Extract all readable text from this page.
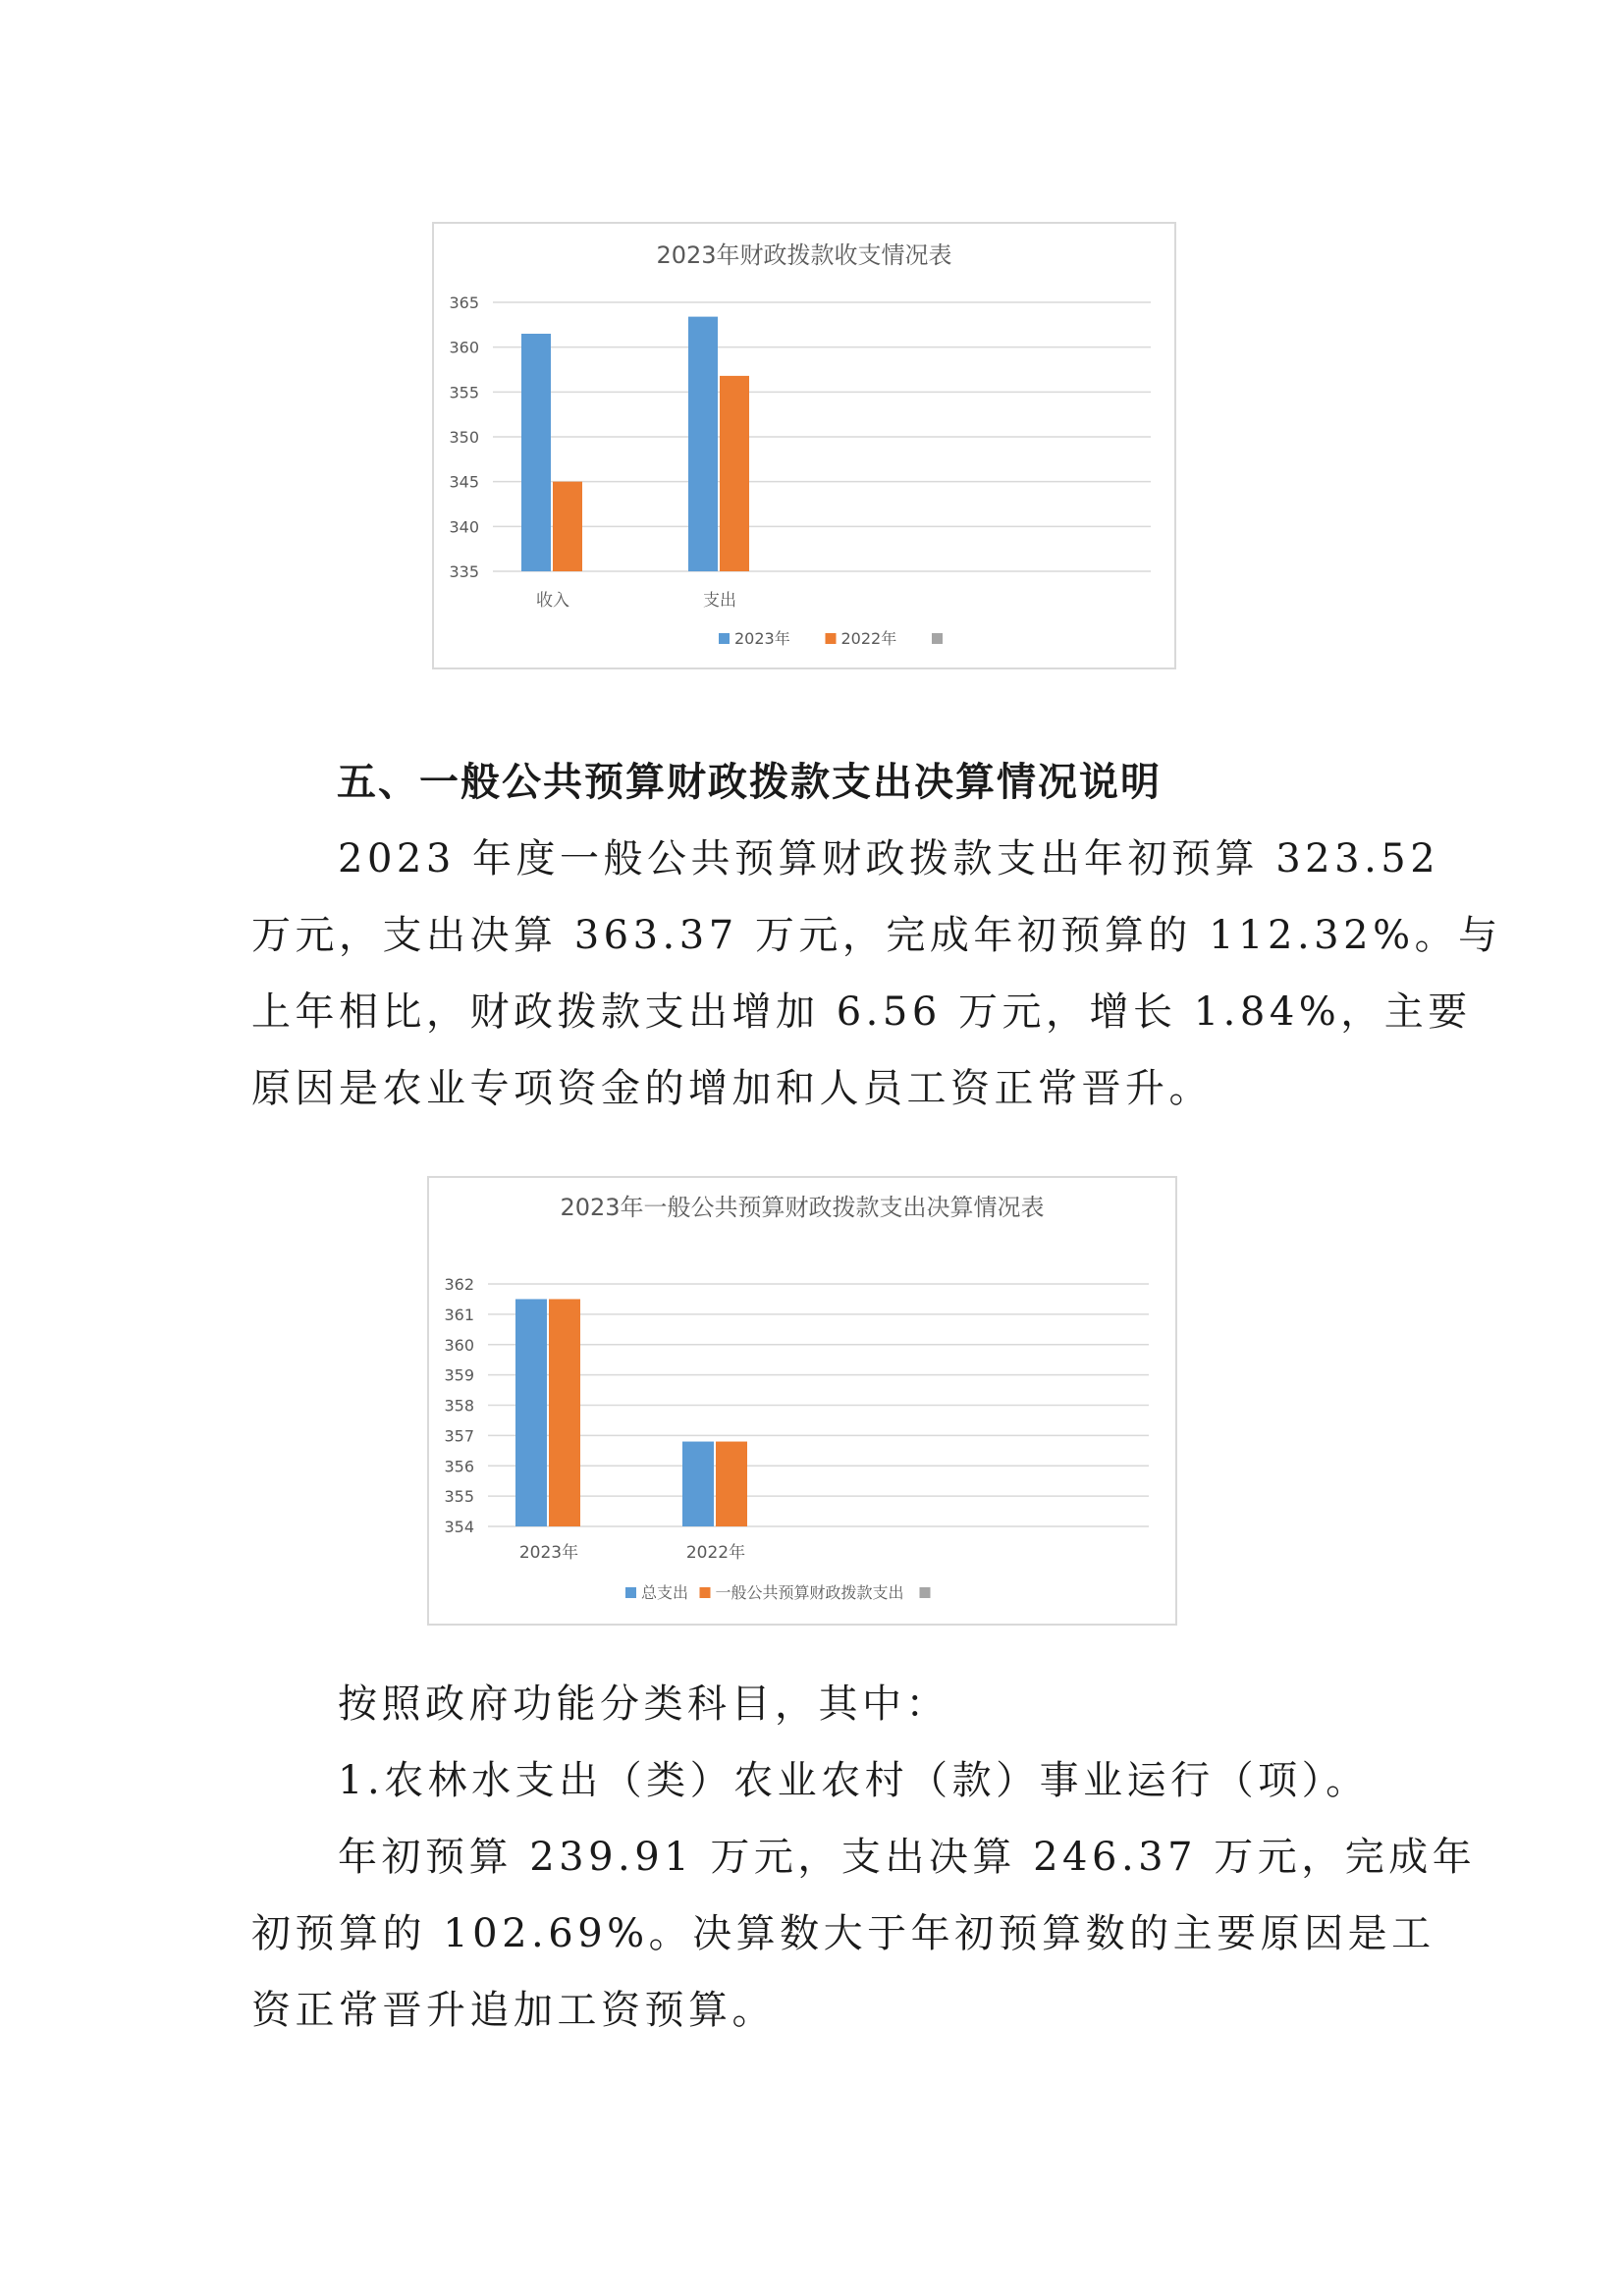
2023年财政拨款收支情况表
335
340
345
350
355
360
365
收入	支出
2023年	2022年
五、一般公共预算财政拨款支出决算情况说明
2023 年度一般公共预算财政拨款支出年初预算 323.52
万元，支出决算 363.37 万元，完成年初预算的 112.32%。与
上年相比，财政拨款支出增加 6.56 万元，增长 1.84%，主要
原因是农业专项资金的增加和人员工资正常晋升。
2023年一般公共预算财政拨款支出决算情况表
354
355
356
357
358
359
360
361
362
2023年	2022年
总支出 一般公共预算财政拨款支出

按照政府功能分类科目，其中：

1.农林水支出（类）农业农村（款）事业运行（项）。

年初预算 239.91 万元，支出决算 246.37 万元，完成年
初预算的 102.69%。决算数大于年初预算数的主要原因是工
资正常晋升追加工资预算。
